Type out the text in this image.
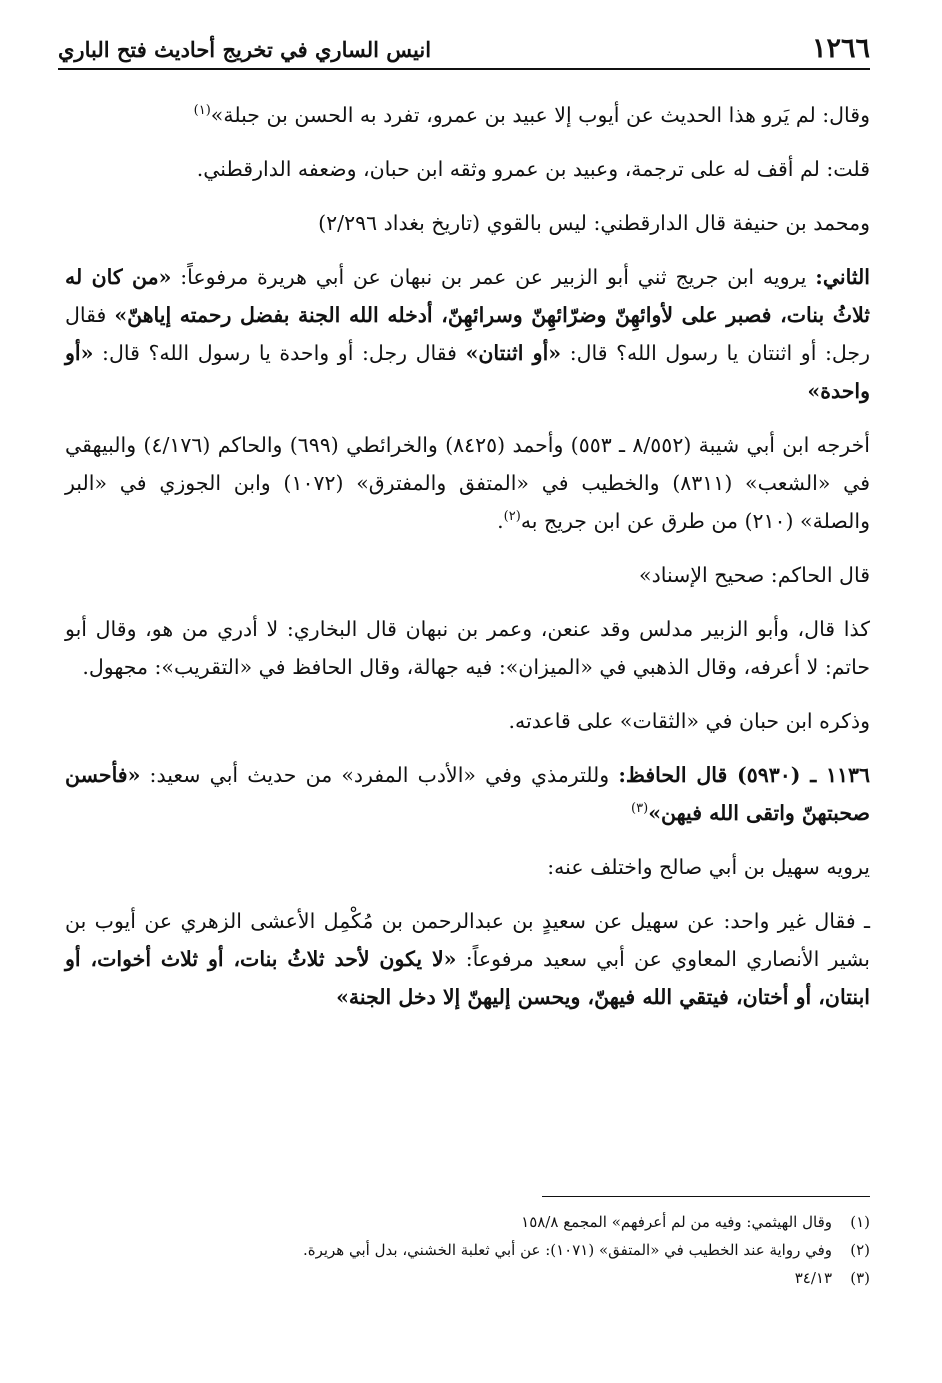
١٢٦٦
انيس الساري في تخريج أحاديث فتح الباري

وقال: لم يَرو هذا الحديث عن أيوب إلا عبيد بن عمرو، تفرد به الحسن بن جبلة»$^{(١)}$

قلت: لم أقف له على ترجمة، وعبيد بن عمرو وثقه ابن حبان، وضعفه الدارقطني.

ومحمد بن حنيفة قال الدارقطني: ليس بالقوي (تاريخ بغداد ٢/٢٩٦)

الثاني: يرويه ابن جريج ثني أبو الزبير عن عمر بن نبهان عن أبي هريرة مرفوعاً: «من كان له ثلاثُ بنات، فصبر على لأوائهِنّ وضرّائهِنّ وسرائهِنّ، أدخله الله الجنة بفضل رحمته إياهنّ» فقال رجل: أو اثنتان يا رسول الله؟ قال: «أو اثنتان» فقال رجل: أو واحدة يا رسول الله؟ قال: «أو واحدة»

أخرجه ابن أبي شيبة (٨/٥٥٢ ـ ٥٥٣) وأحمد (٨٤٢٥) والخرائطي (٦٩٩) والحاكم (٤/١٧٦) والبيهقي في «الشعب» (٨٣١١) والخطيب في «المتفق والمفترق» (١٠٧٢) وابن الجوزي في «البر والصلة» (٢١٠) من طرق عن ابن جريج به$^{(٢)}$.

قال الحاكم: صحيح الإسناد»

كذا قال، وأبو الزبير مدلس وقد عنعن، وعمر بن نبهان قال البخاري: لا أدري من هو، وقال أبو حاتم: لا أعرفه، وقال الذهبي في «الميزان»: فيه جهالة، وقال الحافظ في «التقريب»: مجهول.

وذكره ابن حبان في «الثقات» على قاعدته.

١١٣٦ ـ (٥٩٣٠) قال الحافظ: وللترمذي وفي «الأدب المفرد» من حديث أبي سعيد: «فأحسن صحبتهنّ واتقى الله فيهن»$^{(٣)}$

يرويه سهيل بن أبي صالح واختلف عنه:

ـ فقال غير واحد: عن سهيل عن سعيدٍ بن عبدالرحمن بن مُكْمِل الأعشى الزهري عن أيوب بن بشير الأنصاري المعاوي عن أبي سعيد مرفوعاً: «لا يكون لأحد ثلاثُ بنات، أو ثلاث أخوات، أو ابنتان، أو أختان، فيتقي الله فيهنّ، ويحسن إليهنّ إلا دخل الجنة»

(١)
وقال الهيثمي: وفيه من لم أعرفهم» المجمع ١٥٨/٨
(٢)
وفي رواية عند الخطيب في «المتفق» (١٠٧١): عن أبي ثعلبة الخشني، بدل أبي هريرة.
(٣)
٣٤/١٣
